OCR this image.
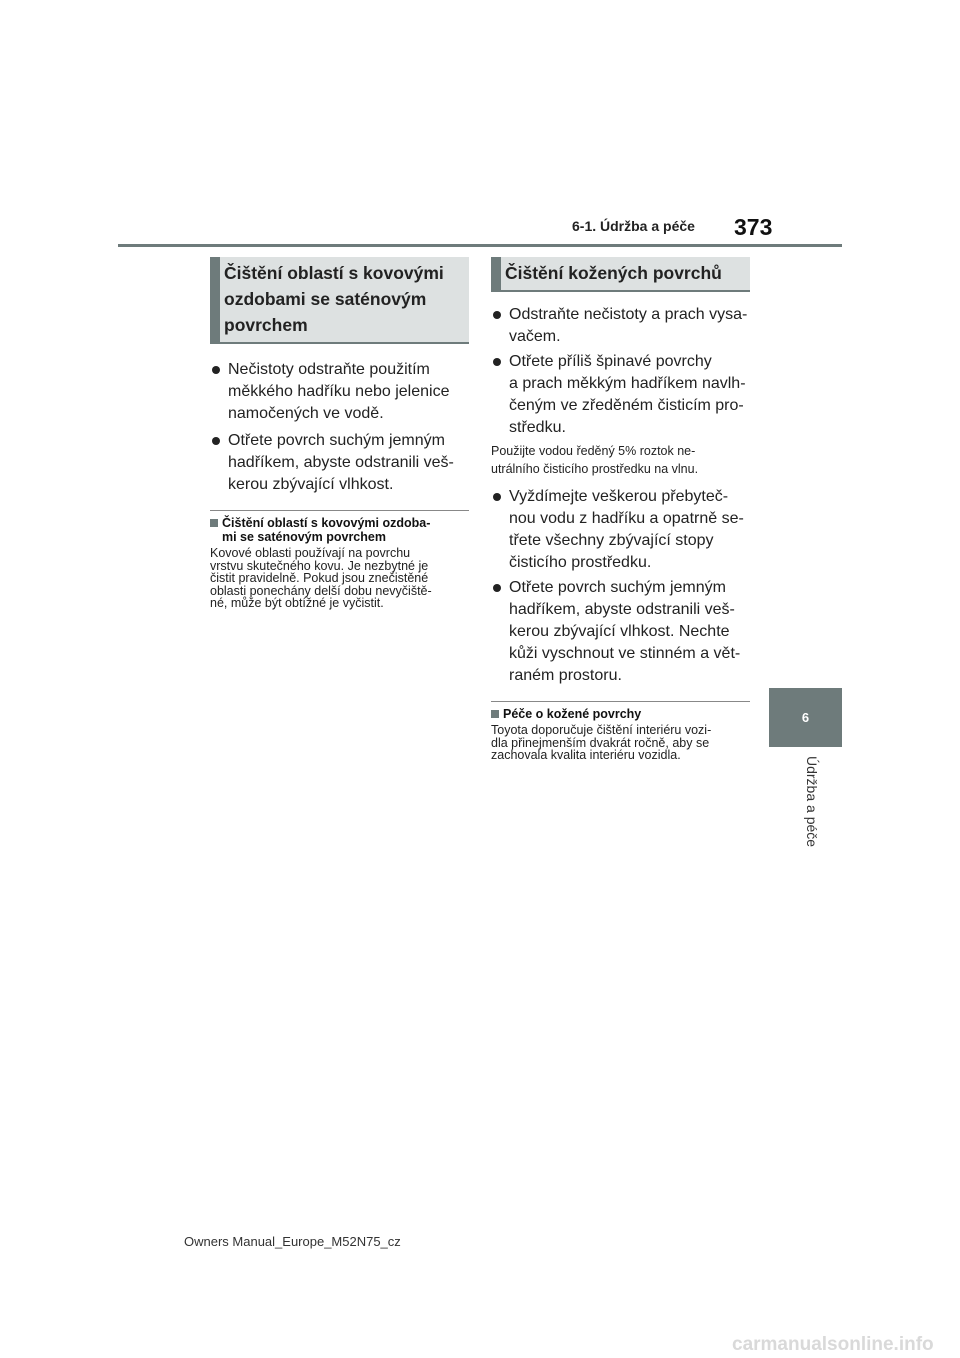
6-1. Údržba a péče 373
6
Údržba a péče
Čištění oblastí s kovovými
ozdobami se saténovým
povrchem
Nečistoty odstraňte použitím
měkkého hadříku nebo jelenice
namočených ve vodě.
Otřete povrch suchým jemným
hadříkem, abyste odstranili veš-
kerou zbývající vlhkost.
Čištění oblastí s kovovými ozdoba-
mi se saténovým povrchem
Kovové oblasti používají na povrchu
vrstvu skutečného kovu. Je nezbytné je
čistit pravidelně. Pokud jsou znečistěné
oblasti ponechány delší dobu nevyčiště-
né, může být obtížné je vyčistit.
Čištění kožených povrchů
Odstraňte nečistoty a prach vysa-
vačem.
Otřete příliš špinavé povrchy
a prach měkkým hadříkem navlh-
čeným ve zředěném čisticím pro-
středku.
Použijte vodou ředěný 5% roztok ne-
utrálního čisticího prostředku na vlnu.
Vyždímejte veškerou přebyteč-
nou vodu z hadříku a opatrně se-
třete všechny zbývající stopy
čisticího prostředku.
Otřete povrch suchým jemným
hadříkem, abyste odstranili veš-
kerou zbývající vlhkost. Nechte
kůži vyschnout ve stinném a vět-
raném prostoru.
Péče o kožené povrchy
Toyota doporučuje čištění interiéru vozi-
dla přinejmenším dvakrát ročně, aby se
zachovala kvalita interiéru vozidla.
Owners Manual_Europe_M52N75_cz
carmanualsonline.info
